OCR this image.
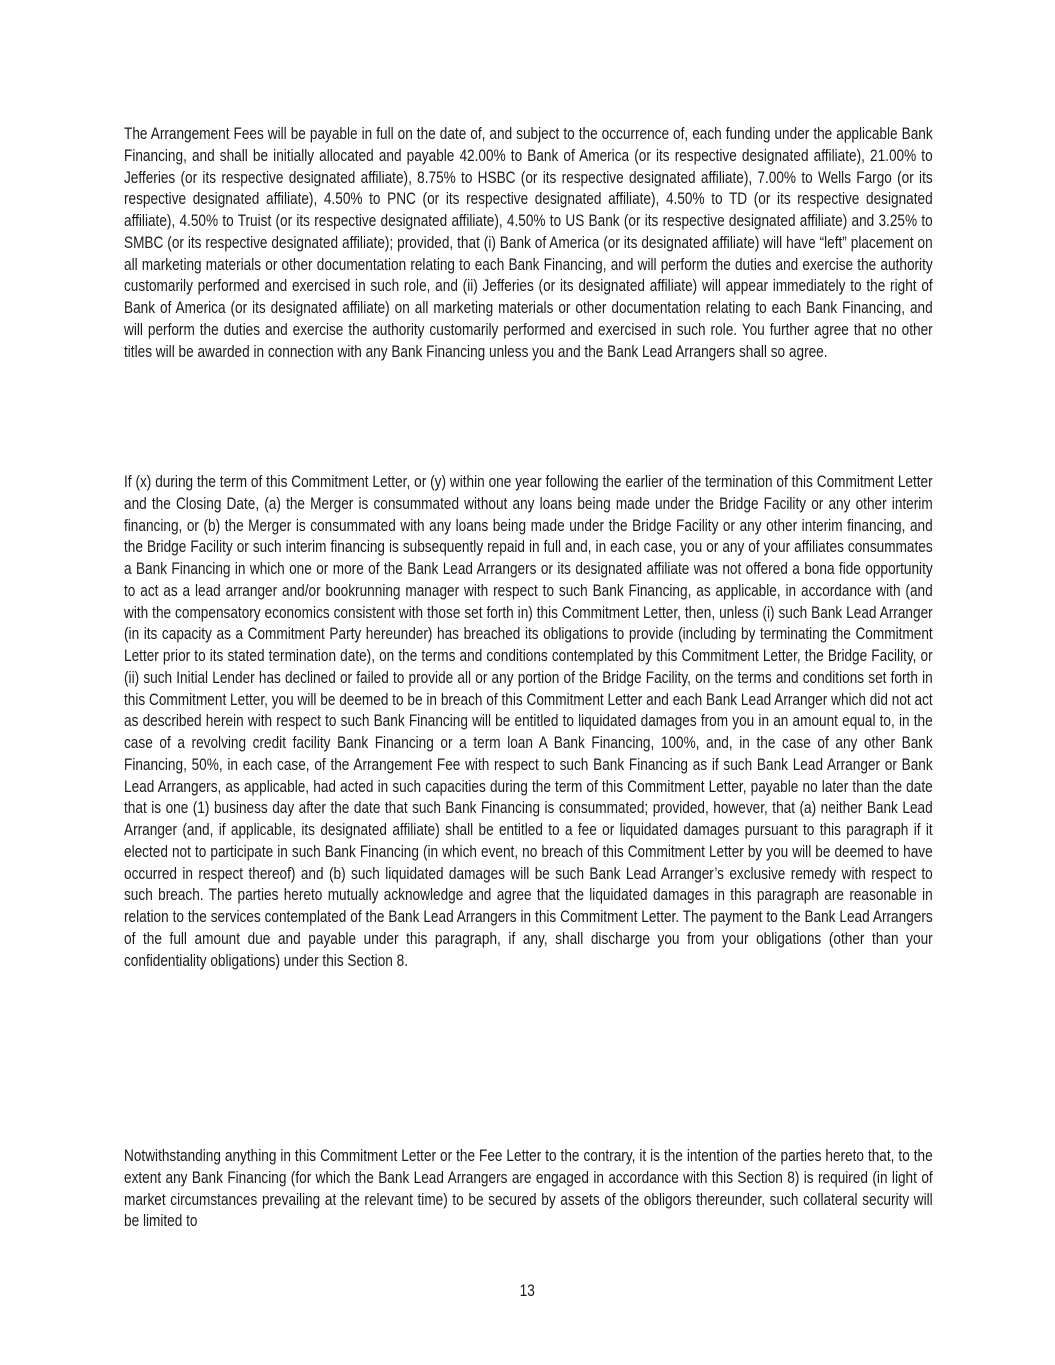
The Arrangement Fees will be payable in full on the date of, and subject to the occurrence of, each funding under the applicable Bank Financing, and shall be initially allocated and payable 42.00% to Bank of America (or its respective designated affiliate), 21.00% to Jefferies (or its respective designated affiliate), 8.75% to HSBC (or its respective designated affiliate), 7.00% to Wells Fargo (or its respective designated affiliate), 4.50% to PNC (or its respective designated affiliate), 4.50% to TD (or its respective designated affiliate), 4.50% to Truist (or its respective designated affiliate), 4.50% to US Bank (or its respective designated affiliate) and 3.25% to SMBC (or its respective designated affiliate); provided, that (i) Bank of America (or its designated affiliate) will have “left” placement on all marketing materials or other documentation relating to each Bank Financing, and will perform the duties and exercise the authority customarily performed and exercised in such role, and (ii) Jefferies (or its designated affiliate) will appear immediately to the right of Bank of America (or its designated affiliate) on all marketing materials or other documentation relating to each Bank Financing, and will perform the duties and exercise the authority customarily performed and exercised in such role. You further agree that no other titles will be awarded in connection with any Bank Financing unless you and the Bank Lead Arrangers shall so agree.

If (x) during the term of this Commitment Letter, or (y) within one year following the earlier of the termination of this Commitment Letter and the Closing Date, (a) the Merger is consummated without any loans being made under the Bridge Facility or any other interim financing, or (b) the Merger is consummated with any loans being made under the Bridge Facility or any other interim financing, and the Bridge Facility or such interim financing is subsequently repaid in full and, in each case, you or any of your affiliates consummates a Bank Financing in which one or more of the Bank Lead Arrangers or its designated affiliate was not offered a bona fide opportunity to act as a lead arranger and/or bookrunning manager with respect to such Bank Financing, as applicable, in accordance with (and with the compensatory economics consistent with those set forth in) this Commitment Letter, then, unless (i) such Bank Lead Arranger (in its capacity as a Commitment Party hereunder) has breached its obligations to provide (including by terminating the Commitment Letter prior to its stated termination date), on the terms and conditions contemplated by this Commitment Letter, the Bridge Facility, or (ii) such Initial Lender has declined or failed to provide all or any portion of the Bridge Facility, on the terms and conditions set forth in this Commitment Letter, you will be deemed to be in breach of this Commitment Letter and each Bank Lead Arranger which did not act as described herein with respect to such Bank Financing will be entitled to liquidated damages from you in an amount equal to, in the case of a revolving credit facility Bank Financing or a term loan A Bank Financing, 100%, and, in the case of any other Bank Financing, 50%, in each case, of the Arrangement Fee with respect to such Bank Financing as if such Bank Lead Arranger or Bank Lead Arrangers, as applicable, had acted in such capacities during the term of this Commitment Letter, payable no later than the date that is one (1) business day after the date that such Bank Financing is consummated; provided, however, that (a) neither Bank Lead Arranger (and, if applicable, its designated affiliate) shall be entitled to a fee or liquidated damages pursuant to this paragraph if it elected not to participate in such Bank Financing (in which event, no breach of this Commitment Letter by you will be deemed to have occurred in respect thereof) and (b) such liquidated damages will be such Bank Lead Arranger’s exclusive remedy with respect to such breach. The parties hereto mutually acknowledge and agree that the liquidated damages in this paragraph are reasonable in relation to the services contemplated of the Bank Lead Arrangers in this Commitment Letter. The payment to the Bank Lead Arrangers of the full amount due and payable under this paragraph, if any, shall discharge you from your obligations (other than your confidentiality obligations) under this Section 8.

Notwithstanding anything in this Commitment Letter or the Fee Letter to the contrary, it is the intention of the parties hereto that, to the extent any Bank Financing (for which the Bank Lead Arrangers are engaged in accordance with this Section 8) is required (in light of market circumstances prevailing at the relevant time) to be secured by assets of the obligors thereunder, such collateral security will be limited to

13
